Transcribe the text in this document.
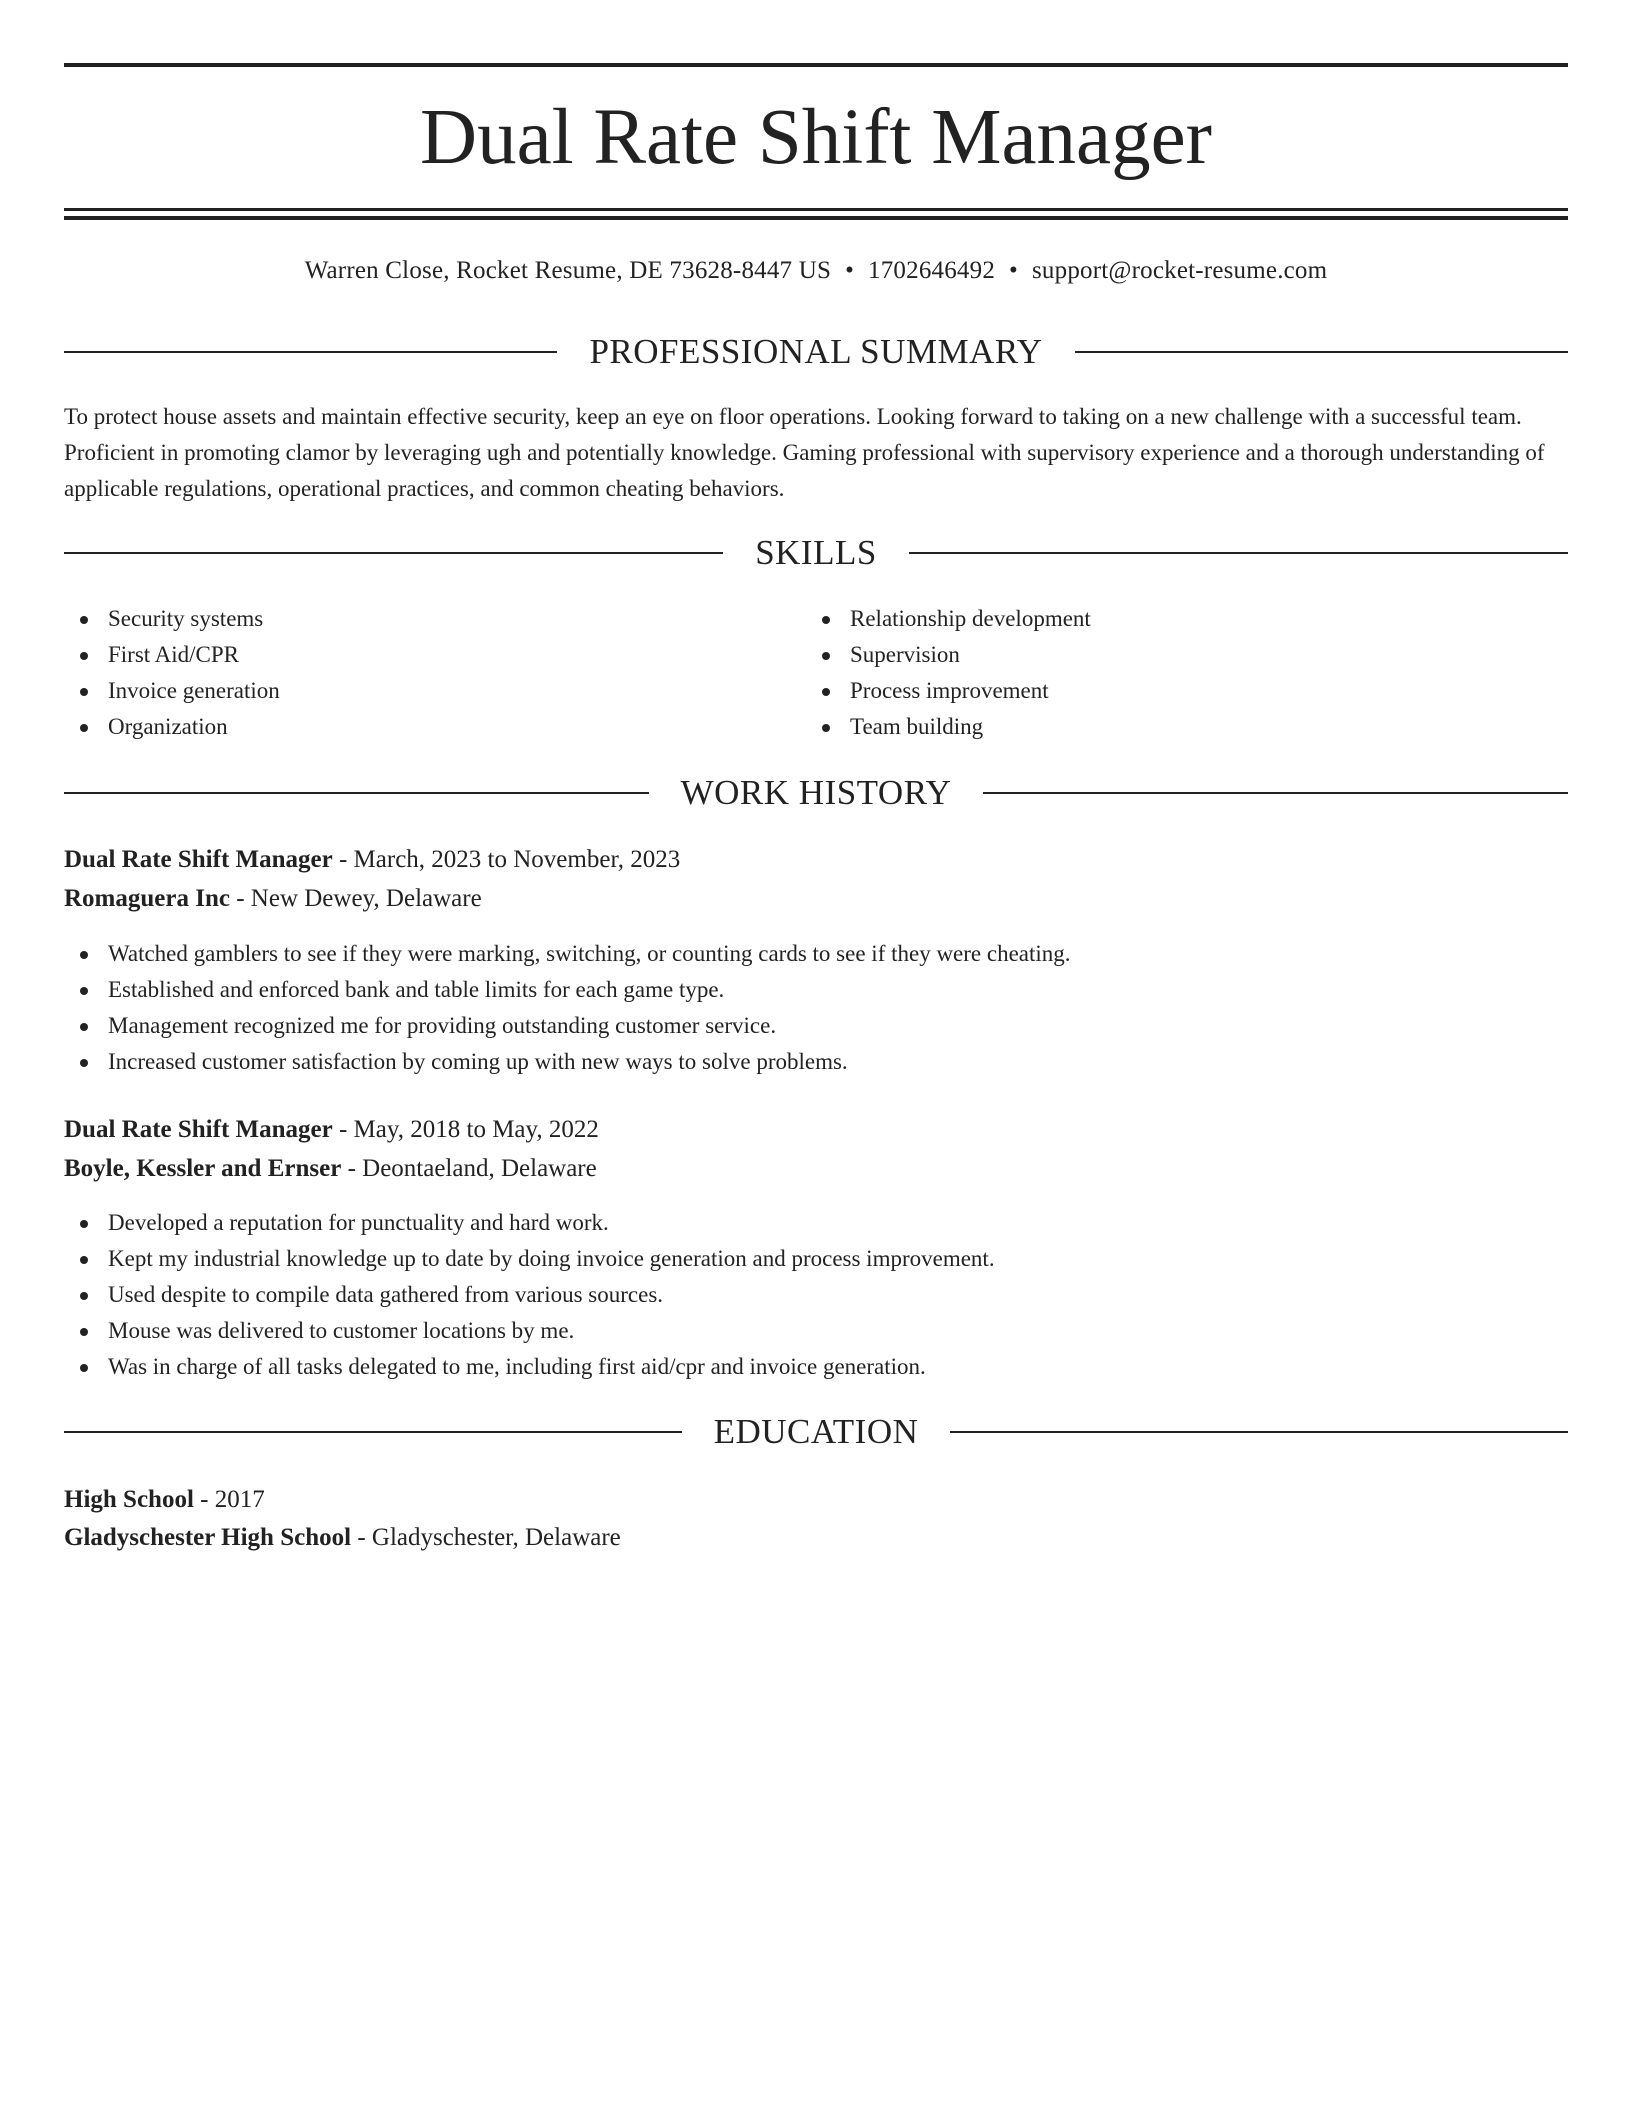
Dual Rate Shift Manager
Warren Close, Rocket Resume, DE 73628-8447 US • 1702646492 • support@rocket-resume.com
PROFESSIONAL SUMMARY

To protect house assets and maintain effective security, keep an eye on floor operations. Looking forward to taking on a new challenge with a successful team. Proficient in promoting clamor by leveraging ugh and potentially knowledge. Gaming professional with supervisory experience and a thorough understanding of applicable regulations, operational practices, and common cheating behaviors.

SKILLS
Security systems
First Aid/CPR
Invoice generation
Organization
Relationship development
Supervision
Process improvement
Team building
WORK HISTORY
Dual Rate Shift Manager - March, 2023 to November, 2023
Romaguera Inc - New Dewey, Delaware
Watched gamblers to see if they were marking, switching, or counting cards to see if they were cheating.
Established and enforced bank and table limits for each game type.
Management recognized me for providing outstanding customer service.
Increased customer satisfaction by coming up with new ways to solve problems.
Dual Rate Shift Manager - May, 2018 to May, 2022
Boyle, Kessler and Ernser - Deontaeland, Delaware
Developed a reputation for punctuality and hard work.
Kept my industrial knowledge up to date by doing invoice generation and process improvement.
Used despite to compile data gathered from various sources.
Mouse was delivered to customer locations by me.
Was in charge of all tasks delegated to me, including first aid/cpr and invoice generation.
EDUCATION
High School - 2017
Gladyschester High School - Gladyschester, Delaware
